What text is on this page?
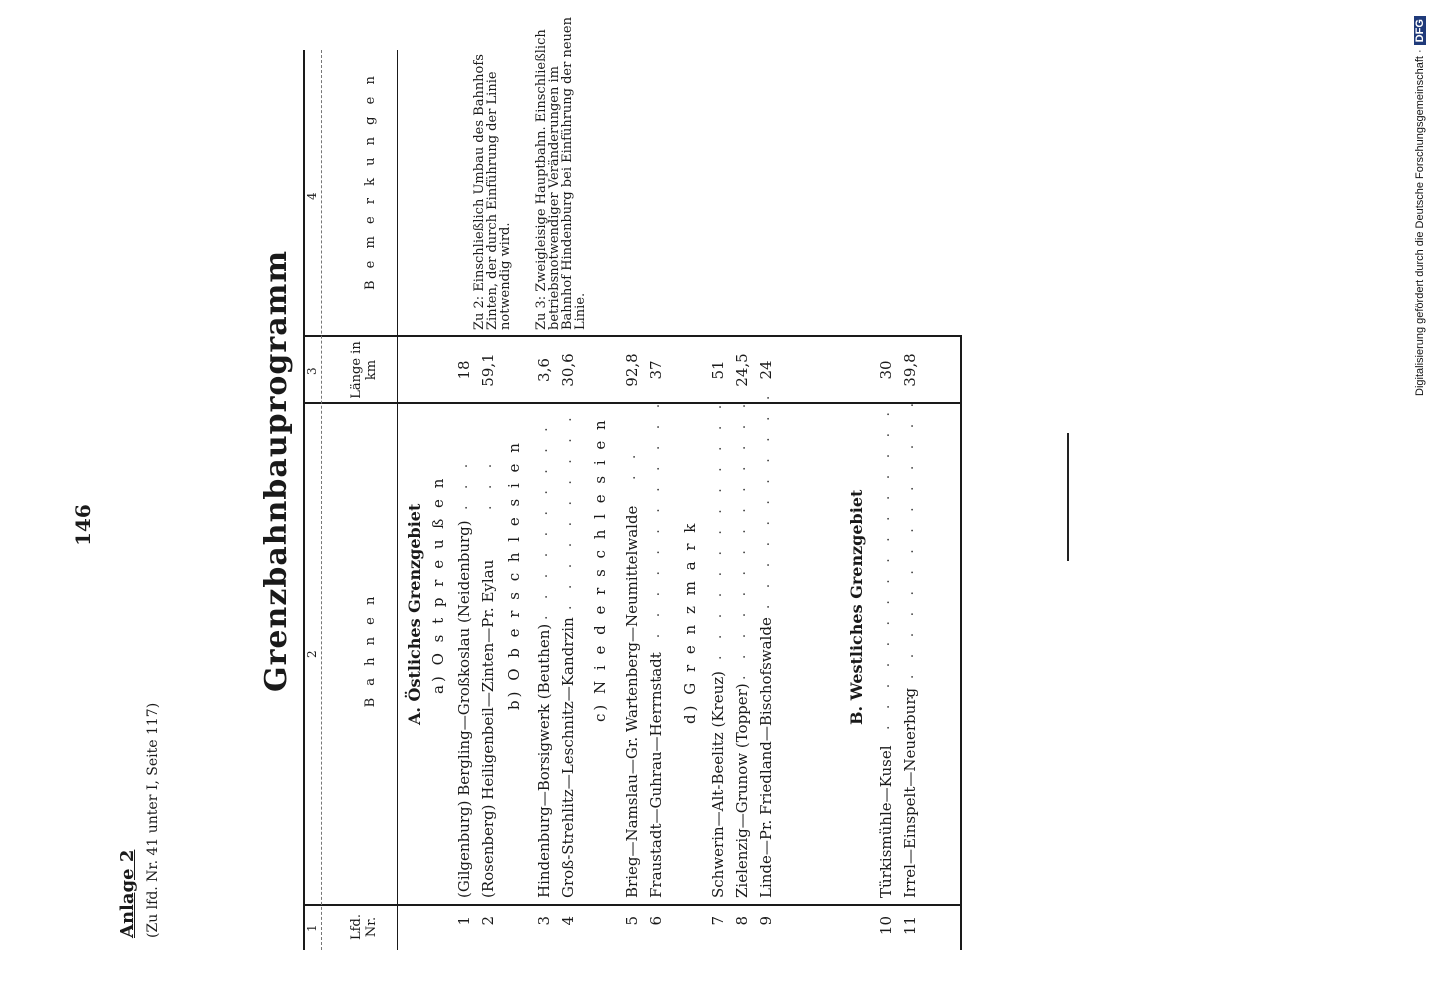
146
Anlage 2 (Zu lfd. Nr. 41 unter I, Seite 117)
Grenzbahnbauprogramm
1
2
3
4
Lfd. Nr.
B a h n e n
Länge in km
B e m e r k u n g e n
A. Östliches Grenzgebiet a) O s t p r e u ß e n
1
(Gilgenburg) Bergling—Großkoslau (Neidenburg)
. . .
18
2
(Rosenberg) Heiligenbeil—Zinten—Pr. Eylau
. . .
59,1
Zu 2: Einschließlich Umbau des Bahnhofs Zinten, der durch Einführung der Linie notwendig wird.
b) O b e r s c h l e s i e n
3
Hindenburg—Borsigwerk (Beuthen)
. . . . . . . . . .
3,6
Zu 3: Zweigleisige Hauptbahn. Einschließlich betriebsnotwendiger Veränderungen im Bahnhof Hindenburg bei Einführung der neuen Linie.
4
Groß-Strehlitz—Leschnitz—Kandrzin
. . . . . . . . . .
30,6
c) N i e d e r s c h l e s i e n
5
Brieg—Namslau—Gr. Wartenberg—Neumittelwalde
. .
92,8
6
Fraustadt—Guhrau—Herrnstadt
. . . . . . . . . . . . . .
37
d) G r e n z m a r k
7
Schwerin—Alt-Beelitz (Kreuz)
. . . . . . . . . . . . .
51
8
Zielenzig—Grunow (Topper)
. . . . . . . . . . . . . .
24,5
9
Linde—Pr. Friedland—Bischofswalde
. . . . . . . . . . . .
24
B. Westliches Grenzgebiet
10
Türkismühle—Kusel
. . . . . . . . . . . . . . . .
30
11
Irrel—Einspelt—Neuerburg
. . . . . . . . . . . . . . .
39,8	Digitalisierung gefördert durch die Deutsche Forschungsgemeinschaft ·DFG
